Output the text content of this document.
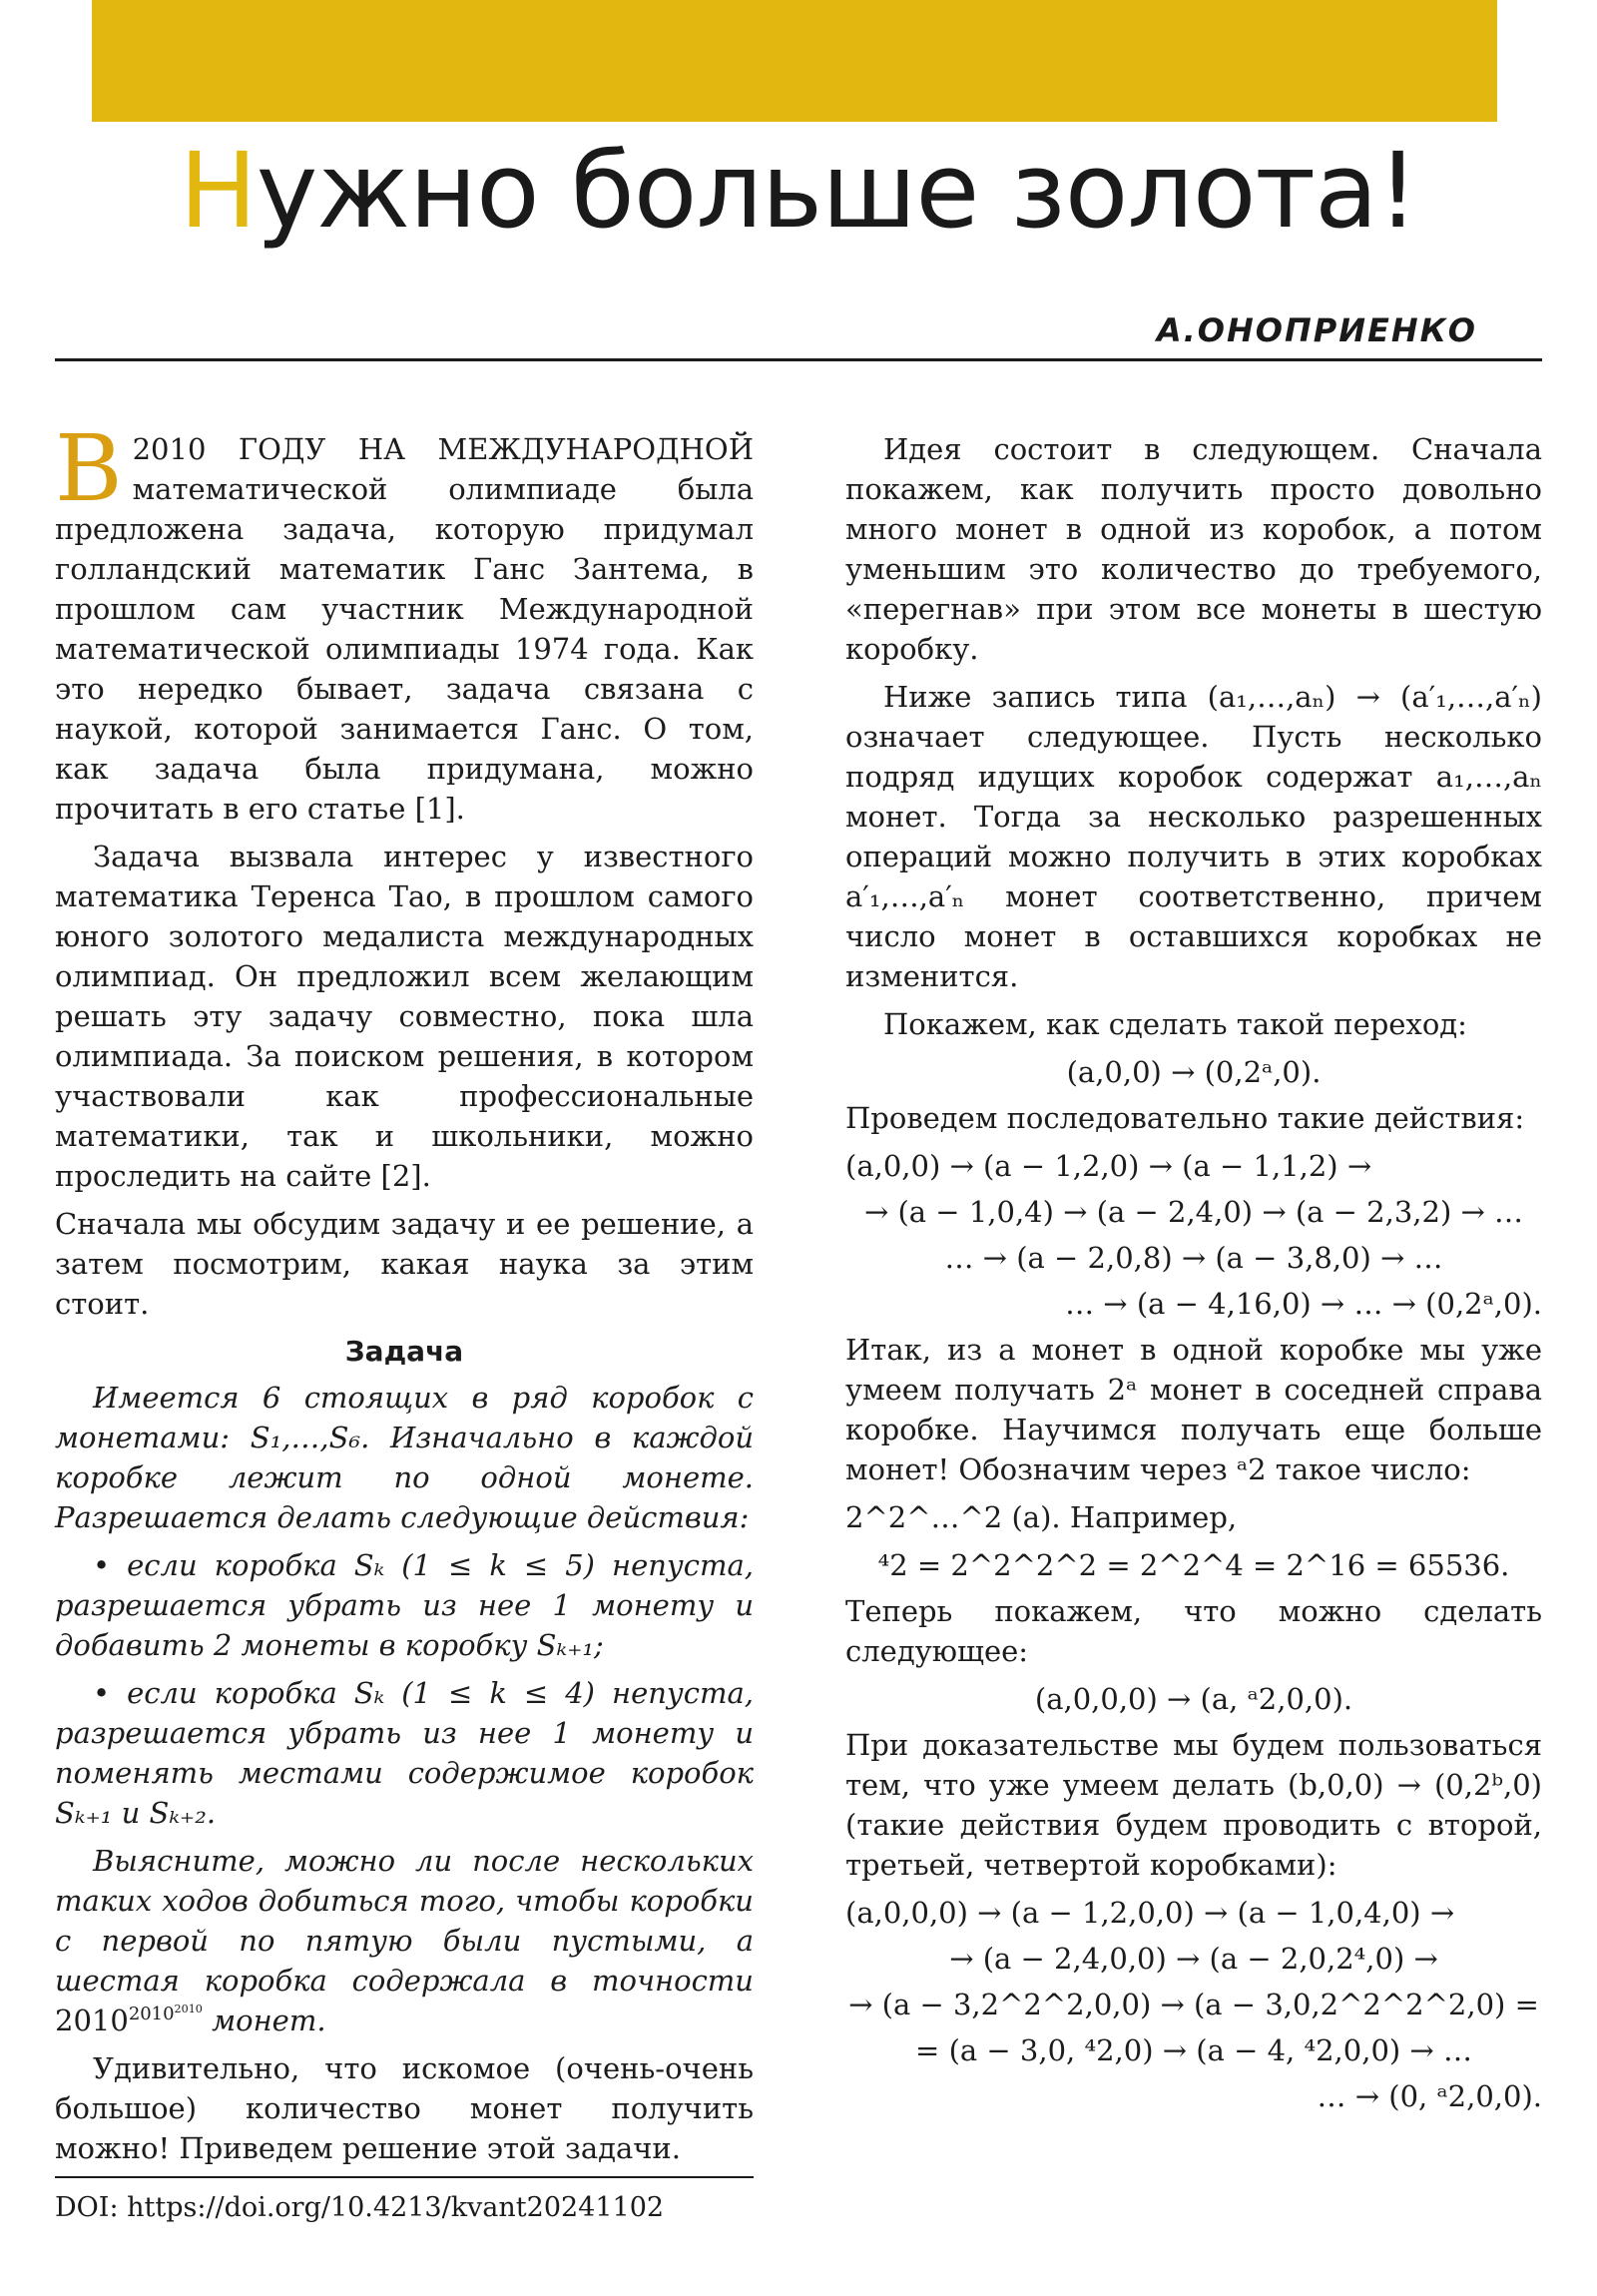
Нужно больше золота!
А.ОНОПРИЕНКО

В 2010 ГОДУ НА МЕЖДУНАРОДНОЙ математической олимпиаде была предложена задача, которую придумал голландский математик Ганс Зантема, в прошлом сам участник Международной математической олимпиады 1974 года. Как это нередко бывает, задача связана с наукой, которой занимается Ганс. О том, как задача была придумана, можно прочитать в его статье [1].

Задача вызвала интерес у известного математика Теренса Тао, в прошлом самого юного золотого медалиста международных олимпиад. Он предложил всем желающим решать эту задачу совместно, пока шла олимпиада. За поиском решения, в котором участвовали как профессиональные математики, так и школьники, можно проследить на сайте [2].

Сначала мы обсудим задачу и ее решение, а затем посмотрим, какая наука за этим стоит.

Задача

Имеется 6 стоящих в ряд коробок с монетами: S₁,…,S₆. Изначально в каждой коробке лежит по одной монете. Разрешается делать следующие действия:

• если коробка Sₖ (1 ≤ k ≤ 5) непуста, разрешается убрать из нее 1 монету и добавить 2 монеты в коробку Sₖ₊₁;

• если коробка Sₖ (1 ≤ k ≤ 4) непуста, разрешается убрать из нее 1 монету и поменять местами содержимое коробок Sₖ₊₁ и Sₖ₊₂.

Выясните, можно ли после нескольких таких ходов добиться того, чтобы коробки с первой по пятую были пустыми, а шестая коробка содержала в точности $2010^{2010^{2010}}$ монет.

Удивительно, что искомое (очень-очень большое) количество монет получить можно! Приведем решение этой задачи.

DOI: https://doi.org/10.4213/kvant20241102

Идея состоит в следующем. Сначала покажем, как получить просто довольно много монет в одной из коробок, а потом уменьшим это количество до требуемого, «перегнав» при этом все монеты в шестую коробку.

Ниже запись типа (a₁,…,aₙ) → (a′₁,…,a′ₙ) означает следующее. Пусть несколько подряд идущих коробок содержат a₁,…,aₙ монет. Тогда за несколько разрешенных операций можно получить в этих коробках a′₁,…,a′ₙ монет соответственно, причем число монет в оставшихся коробках не изменится.

Покажем, как сделать такой переход:

(a,0,0) → (0,2ᵃ,0).

Проведем последовательно такие действия:

(a,0,0) → (a − 1,2,0) → (a − 1,1,2) →
→ (a − 1,0,4) → (a − 2,4,0) → (a − 2,3,2) → …
… → (a − 2,0,8) → (a − 3,8,0) → …
… → (a − 4,16,0) → … → (0,2ᵃ,0).

Итак, из a монет в одной коробке мы уже умеем получать 2ᵃ монет в соседней справа коробке. Научимся получать еще больше монет! Обозначим через ᵃ2 такое число:

2^2^…^2 (a). Например,

⁴2 = 2^2^2^2 = 2^2^4 = 2^16 = 65536.

Теперь покажем, что можно сделать следующее:

(a,0,0,0) → (a, ᵃ2,0,0).

При доказательстве мы будем пользоваться тем, что уже умеем делать (b,0,0) → (0,2ᵇ,0) (такие действия будем проводить с второй, третьей, четвертой коробками):

(a,0,0,0) → (a − 1,2,0,0) → (a − 1,0,4,0) →
→ (a − 2,4,0,0) → (a − 2,0,2⁴,0) →
→ (a − 3,2^2^2,0,0) → (a − 3,0,2^2^2^2,0) =
= (a − 3,0, ⁴2,0) → (a − 4, ⁴2,0,0) → …
… → (0, ᵃ2,0,0).
